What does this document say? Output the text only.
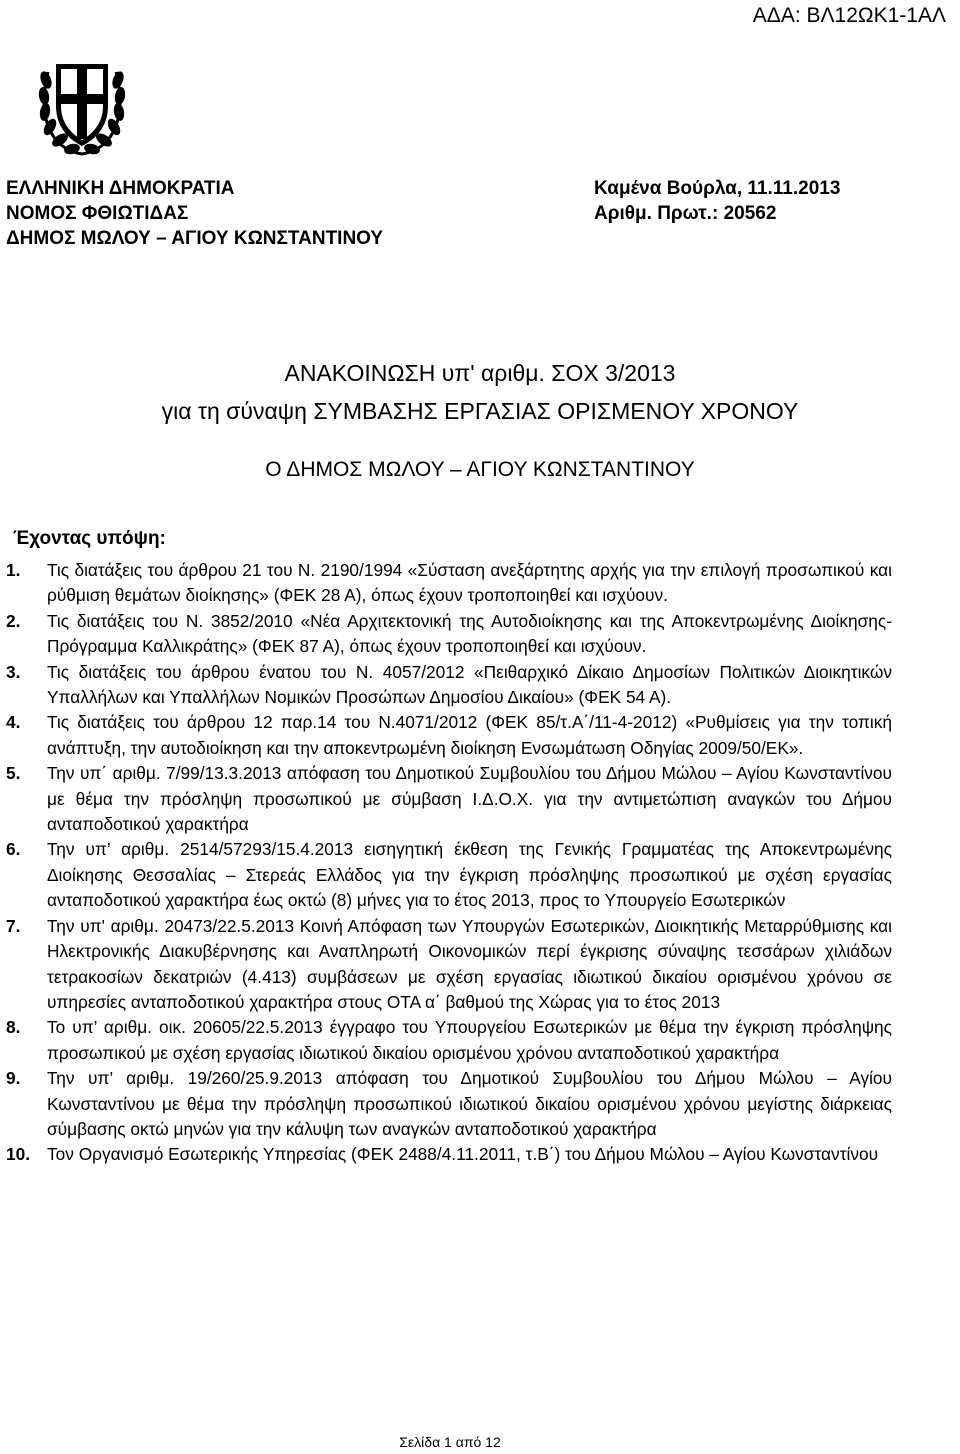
ΑΔΑ: ΒΛ12ΩΚ1-1ΑΛ
ΕΛΛΗΝΙΚΗ ΔΗΜΟΚΡΑΤΙΑ
ΝΟΜΟΣ ΦΘΙΩΤΙΔΑΣ
ΔΗΜΟΣ ΜΩΛΟΥ – ΑΓΙΟΥ ΚΩΝΣΤΑΝΤΙΝΟΥ
Καμένα Βούρλα, 11.11.2013
Αριθμ. Πρωτ.: 20562
ΑΝΑΚΟΙΝΩΣΗ υπ' αριθμ. ΣΟΧ 3/2013
για τη σύναψη ΣΥΜΒΑΣΗΣ ΕΡΓΑΣΙΑΣ ΟΡΙΣΜΕΝΟΥ ΧΡΟΝΟΥ
Ο ΔΗΜΟΣ ΜΩΛΟΥ – ΑΓΙΟΥ ΚΩΝΣΤΑΝΤΙΝΟΥ
Έχοντας υπόψη:
1.	Τις διατάξεις του άρθρου 21 του Ν. 2190/1994 «Σύσταση ανεξάρτητης αρχής για την επιλογή προσωπικού και ρύθμιση θεμάτων διοίκησης» (ΦΕΚ 28 Α), όπως έχουν τροποποιηθεί και ισχύουν.
2.	Τις διατάξεις του Ν. 3852/2010 «Νέα Αρχιτεκτονική της Αυτοδιοίκησης και της Αποκεντρωμένης Διοίκησης- Πρόγραμμα Καλλικράτης» (ΦΕΚ 87 Α), όπως έχουν τροποποιηθεί και ισχύουν.
3.	Τις διατάξεις του άρθρου ένατου του Ν. 4057/2012 «Πειθαρχικό Δίκαιο Δημοσίων Πολιτικών Διοικητικών Υπαλλήλων και Υπαλλήλων Νομικών Προσώπων Δημοσίου Δικαίου» (ΦΕΚ 54 Α).
4.	Τις διατάξεις του άρθρου 12 παρ.14 του Ν.4071/2012 (ΦΕΚ 85/τ.Α΄/11-4-2012) «Ρυθμίσεις για την τοπική ανάπτυξη, την αυτοδιοίκηση και την αποκεντρωμένη διοίκηση Ενσωμάτωση Οδηγίας 2009/50/ΕΚ».
5.	Την υπ΄ αριθμ. 7/99/13.3.2013 απόφαση του Δημοτικού Συμβουλίου του Δήμου Μώλου – Αγίου Κωνσταντίνου με θέμα την πρόσληψη προσωπικού με σύμβαση Ι.Δ.Ο.Χ. για την αντιμετώπιση αναγκών του Δήμου ανταποδοτικού χαρακτήρα
6.	Την υπ’ αριθμ. 2514/57293/15.4.2013 εισηγητική έκθεση της Γενικής Γραμματέας της Αποκεντρωμένης Διοίκησης Θεσσαλίας – Στερεάς Ελλάδος για την έγκριση πρόσληψης προσωπικού με σχέση εργασίας ανταποδοτικού χαρακτήρα έως οκτώ (8) μήνες για το έτος 2013, προς το Υπουργείο Εσωτερικών
7.	Την υπ' αριθμ. 20473/22.5.2013 Κοινή Απόφαση των Υπουργών Εσωτερικών, Διοικητικής Μεταρρύθμισης και Ηλεκτρονικής Διακυβέρνησης και Αναπληρωτή Οικονομικών περί έγκρισης σύναψης τεσσάρων χιλιάδων τετρακοσίων δεκατριών (4.413) συμβάσεων με σχέση εργασίας ιδιωτικού δικαίου ορισμένου χρόνου σε υπηρεσίες ανταποδοτικού χαρακτήρα στους ΟΤΑ α΄ βαθμού της Χώρας για το έτος 2013
8.	Το υπ’ αριθμ. οικ. 20605/22.5.2013 έγγραφο του Υπουργείου Εσωτερικών με θέμα την έγκριση πρόσληψης προσωπικού με σχέση εργασίας ιδιωτικού δικαίου ορισμένου χρόνου ανταποδοτικού χαρακτήρα
9.	Την υπ’ αριθμ. 19/260/25.9.2013 απόφαση του Δημοτικού Συμβουλίου του Δήμου Μώλου – Αγίου Κωνσταντίνου με θέμα την πρόσληψη προσωπικού ιδιωτικού δικαίου ορισμένου χρόνου μεγίστης διάρκειας σύμβασης οκτώ μηνών για την κάλυψη των αναγκών ανταποδοτικού χαρακτήρα
10. Τον Οργανισμό Εσωτερικής Υπηρεσίας (ΦΕΚ 2488/4.11.2011, τ.Β΄) του Δήμου Μώλου – Αγίου Κωνσταντίνου
Σελίδα 1 από 12
